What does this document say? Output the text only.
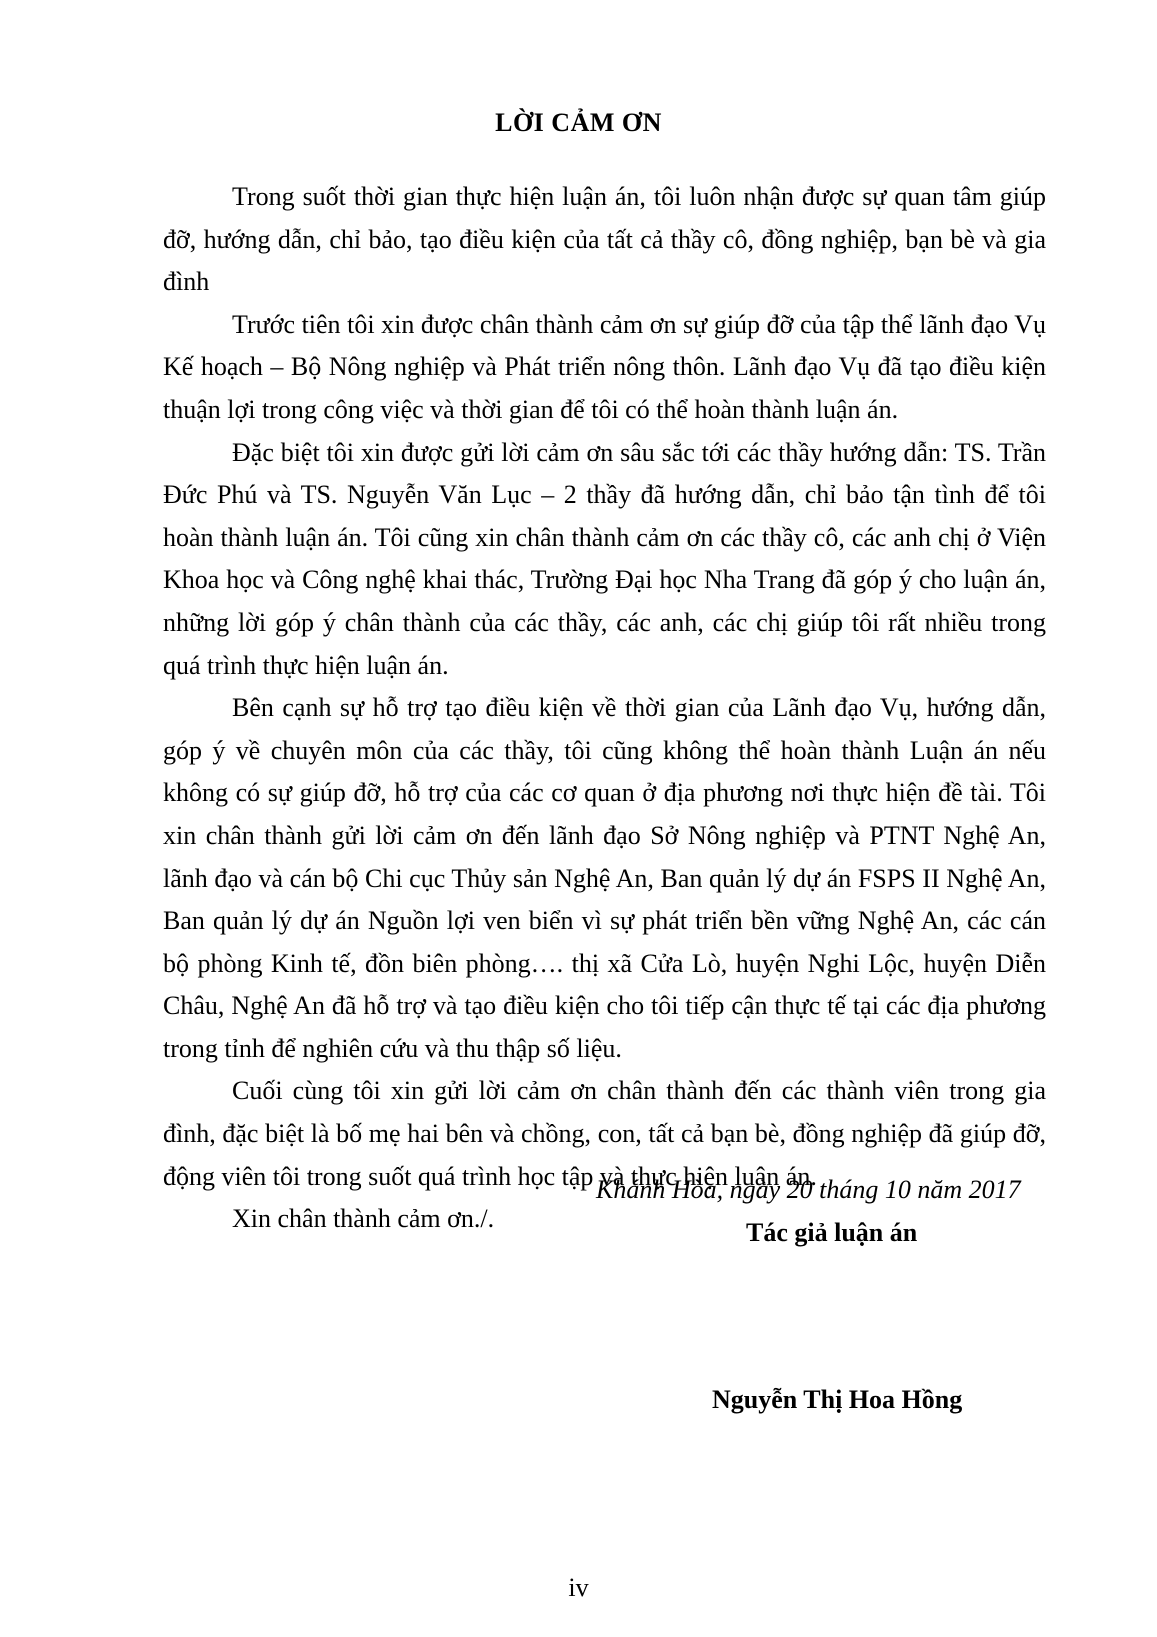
LỜI CẢM ƠN

Trong suốt thời gian thực hiện luận án, tôi luôn nhận được sự quan tâm giúp đỡ, hướng dẫn, chỉ bảo, tạo điều kiện của tất cả thầy cô, đồng nghiệp, bạn bè và gia đình

Trước tiên tôi xin được chân thành cảm ơn sự giúp đỡ của tập thể lãnh đạo Vụ Kế hoạch – Bộ Nông nghiệp và Phát triển nông thôn. Lãnh đạo Vụ đã tạo điều kiện thuận lợi trong công việc và thời gian để tôi có thể hoàn thành luận án.

Đặc biệt tôi xin được gửi lời cảm ơn sâu sắc tới các thầy hướng dẫn: TS. Trần Đức Phú và TS. Nguyễn Văn Lục – 2 thầy đã hướng dẫn, chỉ bảo tận tình để tôi hoàn thành luận án. Tôi cũng xin chân thành cảm ơn các thầy cô, các anh chị ở Viện Khoa học và Công nghệ khai thác, Trường Đại học Nha Trang đã góp ý cho luận án, những lời góp ý chân thành của các thầy, các anh, các chị giúp tôi rất nhiều trong quá trình thực hiện luận án.

Bên cạnh sự hỗ trợ tạo điều kiện về thời gian của Lãnh đạo Vụ, hướng dẫn, góp ý về chuyên môn của các thầy, tôi cũng không thể hoàn thành Luận án nếu không có sự giúp đỡ, hỗ trợ của các cơ quan ở địa phương nơi thực hiện đề tài. Tôi xin chân thành gửi lời cảm ơn đến lãnh đạo Sở Nông nghiệp và PTNT Nghệ An, lãnh đạo và cán bộ Chi cục Thủy sản Nghệ An, Ban quản lý dự án FSPS II Nghệ An, Ban quản lý dự án Nguồn lợi ven biển vì sự phát triển bền vững Nghệ An, các cán bộ phòng Kinh tế, đồn biên phòng…. thị xã Cửa Lò, huyện Nghi Lộc, huyện Diễn Châu, Nghệ An đã hỗ trợ và tạo điều kiện cho tôi tiếp cận thực tế tại các địa phương trong tỉnh để nghiên cứu và thu thập số liệu.

Cuối cùng tôi xin gửi lời cảm ơn chân thành đến các thành viên trong gia đình, đặc biệt là bố mẹ hai bên và chồng, con, tất cả bạn bè, đồng nghiệp đã giúp đỡ, động viên tôi trong suốt quá trình học tập và thực hiện luận án.

Xin chân thành cảm ơn./.

Khánh Hòa, ngày 20 tháng 10 năm 2017
Tác giả luận án
Nguyễn Thị Hoa Hồng
iv
